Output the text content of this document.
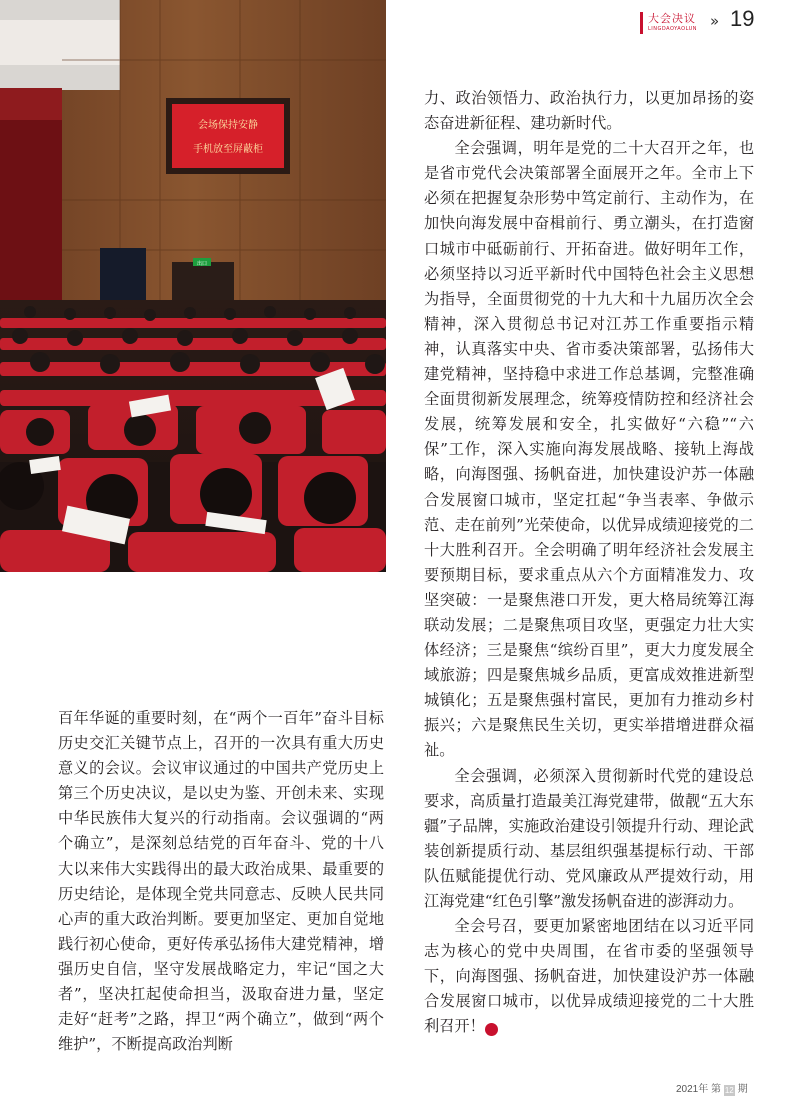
会场保持安静
手机放至屏蔽柜
出口
大会决议
LINGDAOYAOLUN » 19

百年华诞的重要时刻，在“两个一百年”奋斗目标历史交汇关键节点上，召开的一次具有重大历史意义的会议。会议审议通过的中国共产党历史上第三个历史决议，是以史为鉴、开创未来、实现中华民族伟大复兴的行动指南。会议强调的“两个确立”，是深刻总结党的百年奋斗、党的十八大以来伟大实践得出的最大政治成果、最重要的历史结论，是体现全党共同意志、反映人民共同心声的重大政治判断。要更加坚定、更加自觉地践行初心使命，更好传承弘扬伟大建党精神，增强历史自信，坚守发展战略定力，牢记“国之大者”，坚决扛起使命担当，汲取奋进力量，坚定走好“赶考”之路，捍卫“两个确立”，做到“两个维护”，不断提高政治判断

力、政治领悟力、政治执行力，以更加昂扬的姿态奋进新征程、建功新时代。

全会强调，明年是党的二十大召开之年，也是省市党代会决策部署全面展开之年。全市上下必须在把握复杂形势中笃定前行、主动作为，在加快向海发展中奋楫前行、勇立潮头，在打造窗口城市中砥砺前行、开拓奋进。做好明年工作，必须坚持以习近平新时代中国特色社会主义思想为指导，全面贯彻党的十九大和十九届历次全会精神，深入贯彻总书记对江苏工作重要指示精神，认真落实中央、省市委决策部署，弘扬伟大建党精神，坚持稳中求进工作总基调，完整准确全面贯彻新发展理念，统筹疫情防控和经济社会发展，统筹发展和安全，扎实做好“六稳”“六保”工作，深入实施向海发展战略、接轨上海战略，向海图强、扬帆奋进，加快建设沪苏一体融合发展窗口城市，坚定扛起“争当表率、争做示范、走在前列”光荣使命，以优异成绩迎接党的二十大胜利召开。全会明确了明年经济社会发展主要预期目标，要求重点从六个方面精准发力、攻坚突破：一是聚焦港口开发，更大格局统筹江海联动发展；二是聚焦项目攻坚，更强定力壮大实体经济；三是聚焦“缤纷百里”，更大力度发展全域旅游；四是聚焦城乡品质，更富成效推进新型城镇化；五是聚焦强村富民，更加有力推动乡村振兴；六是聚焦民生关切，更实举措增进群众福祉。

全会强调，必须深入贯彻新时代党的建设总要求，高质量打造最美江海党建带，做靓“五大东疆”子品牌，实施政治建设引领提升行动、理论武装创新提质行动、基层组织强基提标行动、干部队伍赋能提优行动、党风廉政从严提效行动，用江海党建“红色引擎”激发扬帆奋进的澎湃动力。

全会号召，要更加紧密地团结在以习近平同志为核心的党中央周围，在省市委的坚强领导下，向海图强、扬帆奋进，加快建设沪苏一体融合发展窗口城市，以优异成绩迎接党的二十大胜利召开！	党

2021年 第 12 期
